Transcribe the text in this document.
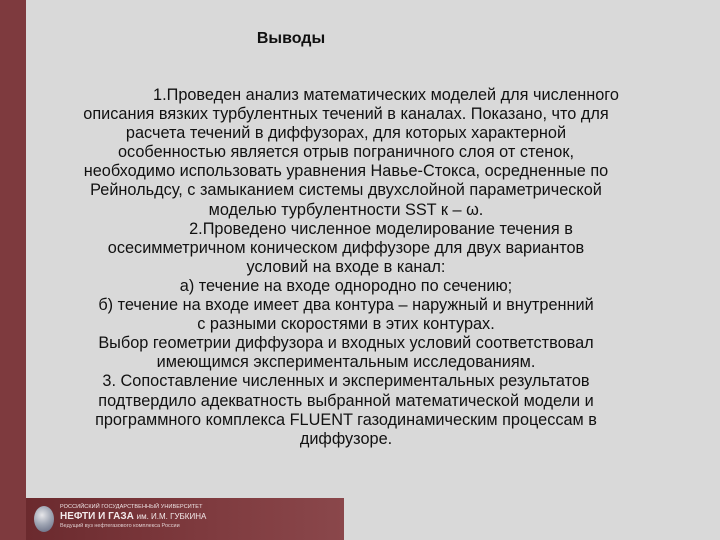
Выводы
1.Проведен анализ математических моделей для численного
описания вязких турбулентных течений в каналах. Показано, что для
расчета течений в диффузорах, для которых характерной
особенностью является отрыв пограничного слоя от стенок,
необходимо использовать уравнения Навье-Стокса, осредненные по
Рейнольдсу, с замыканием системы двухслойной параметрической
моделью турбулентности SST к – ω.
2.Проведено численное моделирование течения в
осесимметричном коническом диффузоре для двух вариантов
условий на входе в канал:
а) течение на входе однородно по сечению;
б) течение на входе имеет два контура – наружный и внутренний
с разными скоростями в этих контурах.
Выбор геометрии диффузора и входных условий соответствовал
имеющимся экспериментальным исследованиям.
3. Сопоставление численных и экспериментальных результатов
подтвердило адекватность выбранной математической модели и
программного комплекса FLUENT газодинамическим процессам в
диффузоре.
РОССИЙСКИЙ ГОСУДАРСТВЕННЫЙ УНИВЕРСИТЕТ
НЕФТИ И ГАЗА им. И.М. ГУБКИНА
Ведущий вуз нефтегазового комплекса России
